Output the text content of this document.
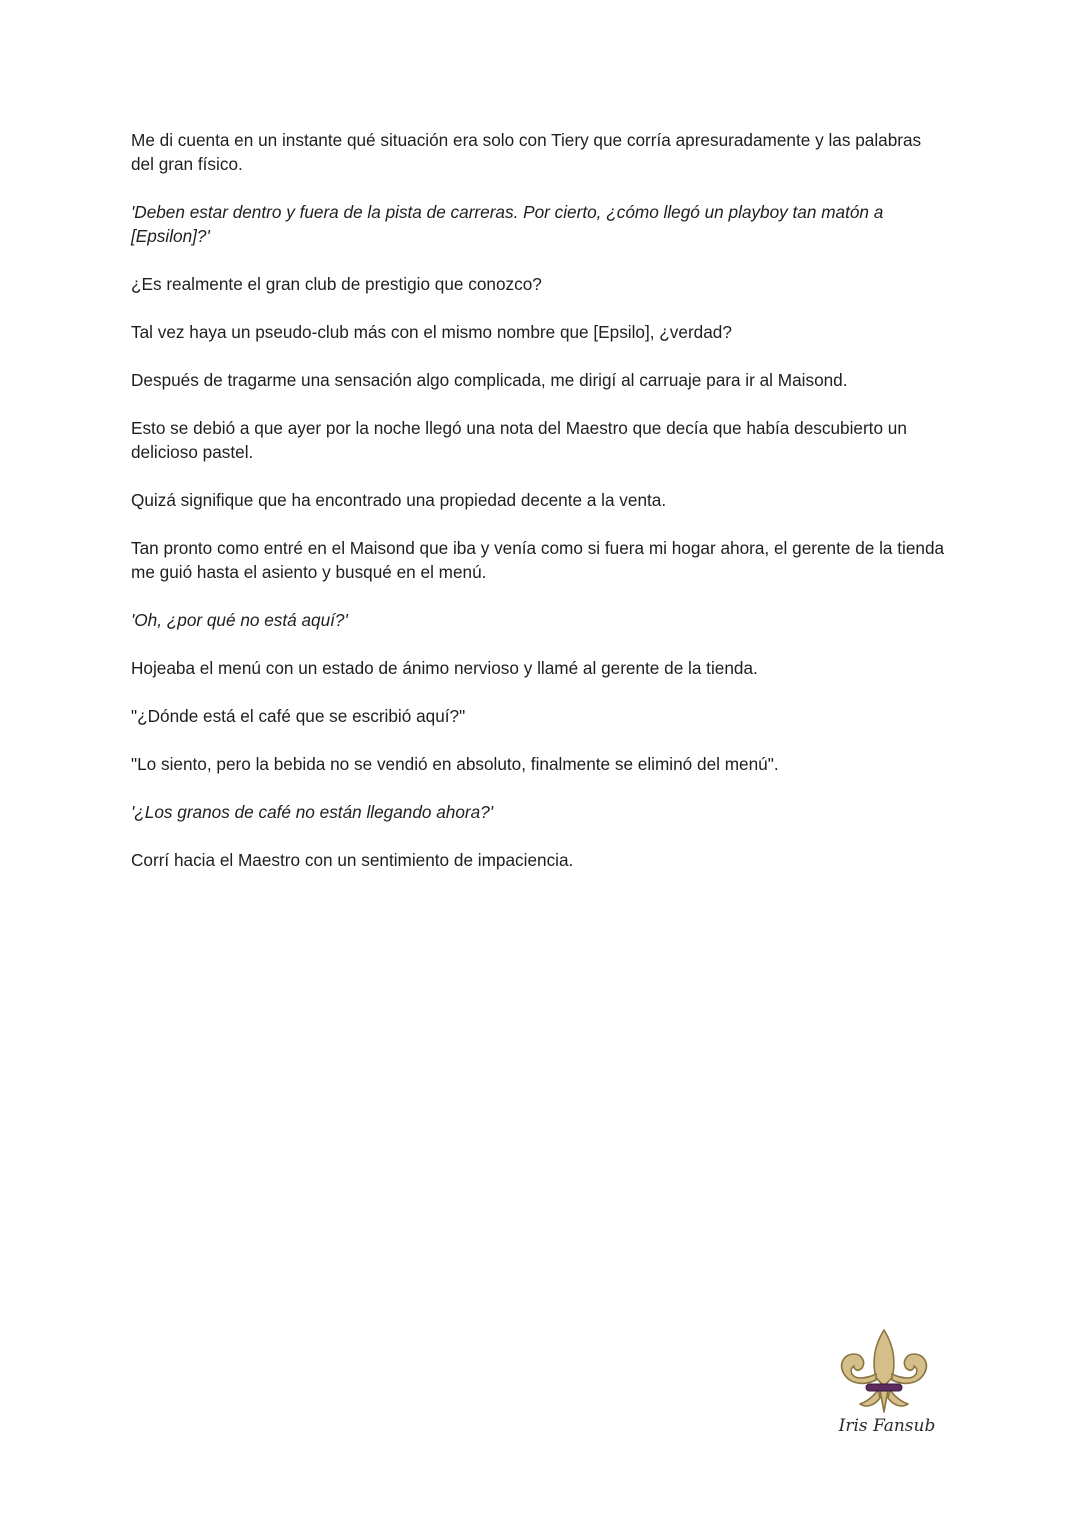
Me di cuenta en un instante qué situación era solo con Tiery que corría apresuradamente y las palabras del gran físico.

'Deben estar dentro y fuera de la pista de carreras. Por cierto, ¿cómo llegó un playboy tan matón a [Epsilon]?'

¿Es realmente el gran club de prestigio que conozco?

Tal vez haya un pseudo-club más con el mismo nombre que [Epsilo], ¿verdad?

Después de tragarme una sensación algo complicada, me dirigí al carruaje para ir al Maisond.

Esto se debió a que ayer por la noche llegó una nota del Maestro que decía que había descubierto un delicioso pastel.

Quizá signifique que ha encontrado una propiedad decente a la venta.

Tan pronto como entré en el Maisond que iba y venía como si fuera mi hogar ahora, el gerente de la tienda me guió hasta el asiento y busqué en el menú.

'Oh, ¿por qué no está aquí?'

Hojeaba el menú con un estado de ánimo nervioso y llamé al gerente de la tienda.

"¿Dónde está el café que se escribió aquí?"

"Lo siento, pero la bebida no se vendió en absoluto, finalmente se eliminó del menú".

'¿Los granos de café no están llegando ahora?'

Corrí hacia el Maestro con un sentimiento de impaciencia.

Iris Fansub
